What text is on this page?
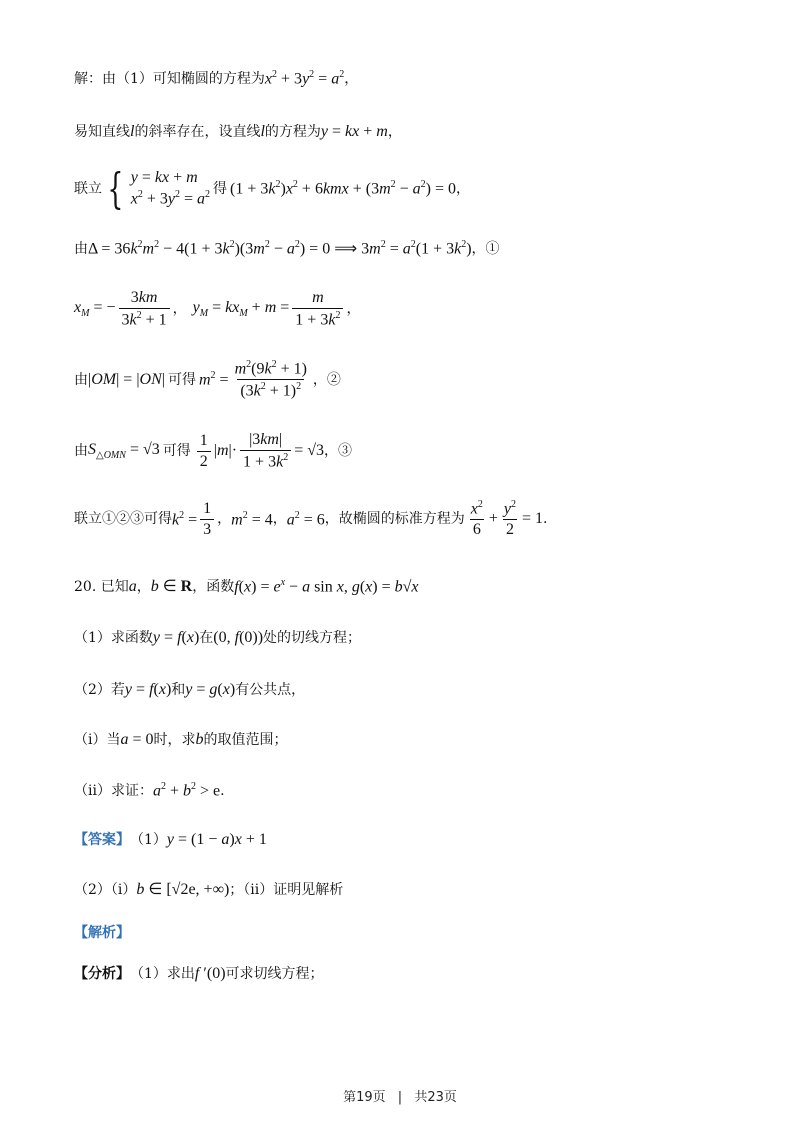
解：由（1）可知椭圆的方程为 $x^2 + 3y^2 = a^2$ ，
易知直线 l 的斜率存在，设直线 l 的方程为 y = kx + m ，
联立 { y = kx + m
$x^2 + 3y^2 = a^2$ 得 $(1 + 3k^2)x^2 + 6kmx + (3m^2 - a^2) = 0$ ，
由 $\Delta = 36k^2m^2 - 4(1 + 3k^2)(3m^2 - a^2) = 0$ ⟹ $3m^2 = a^2(1 + 3k^2)$ ，①
$x_M$ = − $\frac{3km}{3k^2 + 1}$ ， $y_M = kx_M + m = \frac{m}{1 + 3k^2}$ ，
由 |OM| = |ON| 可得 $m^2 = \frac{m^2(9k^2 + 1)}{(3k^2 + 1)^2}$ ，②
由 $S_{\triangle OMN} = √3$ 可得 $\frac{1}{2} |m|\cdot \frac{|3km|}{1 + 3k^2} = √3$ ，③
联立①②③可得 $k^2 = \frac{1}{3}$ ， $m^2 = 4$ ， $a^2 = 6$ ，故椭圆的标准方程为 $\frac{x^2}{6} + \frac{y^2}{2} = 1$ .
20. 已知 a ， b ∈ R ，函数 $f(x) = e^x - a$ sin x, g(x) = b√x
（1）求函数 y = f(x) 在 (0, f(0)) 处的切线方程；
（2）若 y = f(x) 和 y = g(x) 有公共点，
（i）当 a = 0 时，求 b 的取值范围；
（ii）求证： $a^2 + b^2 > e$ .
【答案】 （1） y = (1 − a)x + 1
（2）（i） b ∈ [√2e, +∞) ；（ii）证明见解析
【解析】
【分析】 （1）求出 f ′(0) 可求切线方程；
第19页 | 共23页
